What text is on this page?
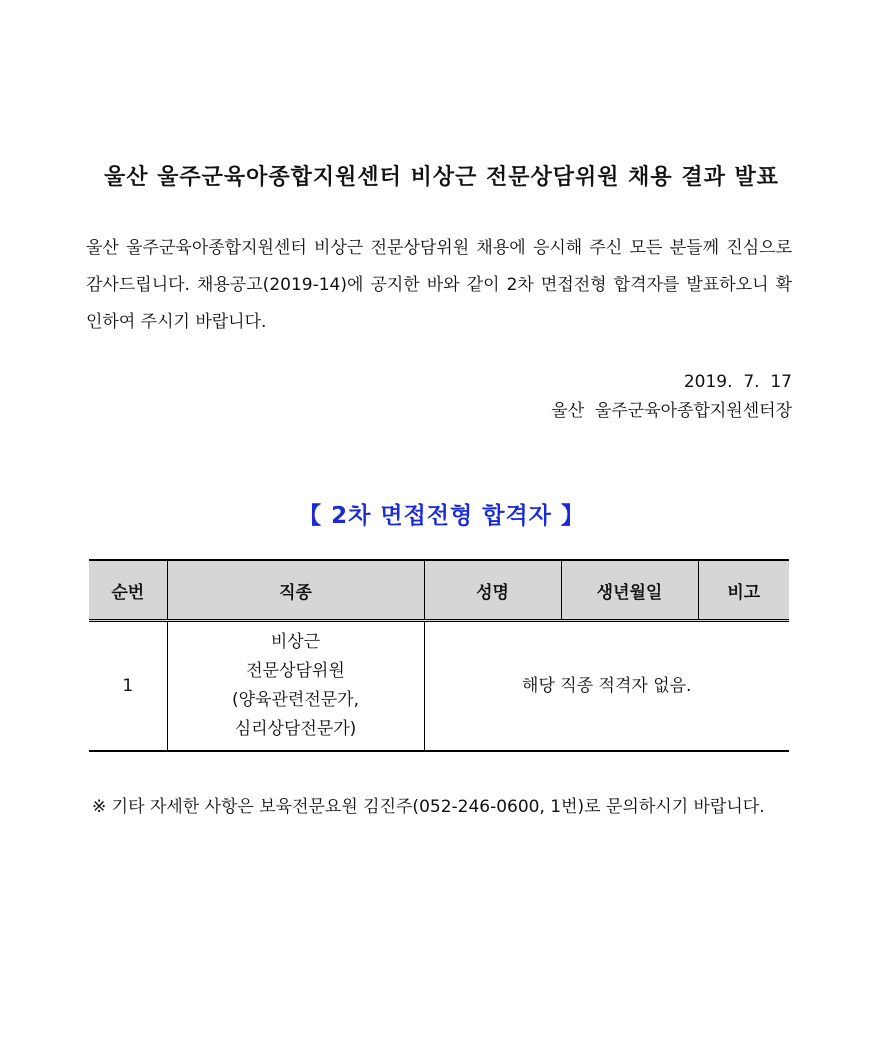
울산 울주군육아종합지원센터 비상근 전문상담위원 채용 결과 발표

울산 울주군육아종합지원센터 비상근 전문상담위원 채용에 응시해 주신 모든 분들께 진심으로 감사드립니다. 채용공고(2019-14)에 공지한 바와 같이 2차 면접전형 합격자를 발표하오니 확인하여 주시기 바랍니다.

2019.  7.  17
울산  울주군육아종합지원센터장
【 2차 면접전형 합격자 】
순번	직종	성명	생년월일	비고
1	비상근
전문상담위원
(양육관련전문가,
심리상담전문가)	해당 직종 적격자 없음.		
※ 기타 자세한 사항은 보육전문요원 김진주(052-246-0600, 1번)로 문의하시기 바랍니다.
